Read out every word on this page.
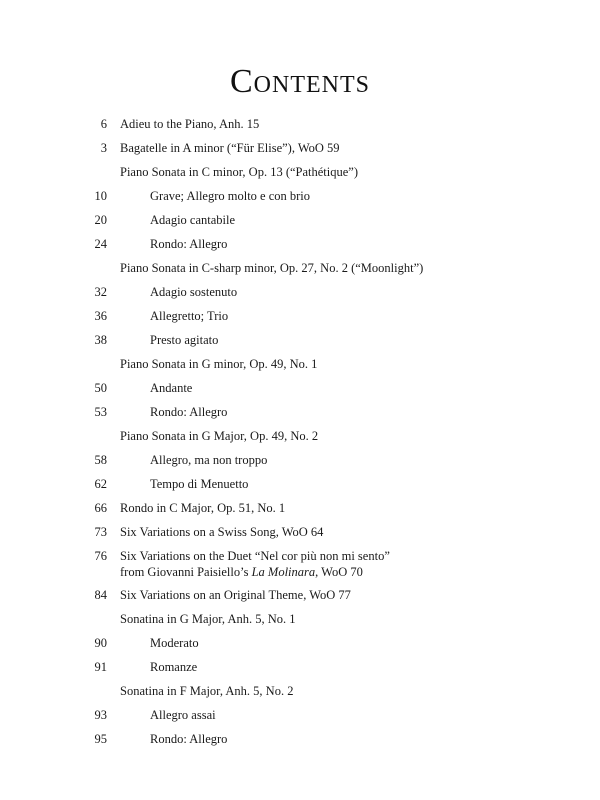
Contents
6 Adieu to the Piano, Anh. 15
3 Bagatelle in A minor (“Für Elise”), WoO 59
Piano Sonata in C minor, Op. 13 (“Pathétique”)
10	Grave; Allegro molto e con brio
20	Adagio cantabile
24	Rondo: Allegro
Piano Sonata in C-sharp minor, Op. 27, No. 2 (“Moonlight”)
32	Adagio sostenuto
36	Allegretto; Trio
38	Presto agitato
Piano Sonata in G minor, Op. 49, No. 1
50	Andante
53	Rondo: Allegro
Piano Sonata in G Major, Op. 49, No. 2
58	Allegro, ma non troppo
62	Tempo di Menuetto
66 Rondo in C Major, Op. 51, No. 1
73 Six Variations on a Swiss Song, WoO 64
76 Six Variations on the Duet “Nel cor più non mi sento”
from Giovanni Paisiello’s La Molinara, WoO 70
84 Six Variations on an Original Theme, WoO 77
Sonatina in G Major, Anh. 5, No. 1
90	Moderato
91	Romanze
Sonatina in F Major, Anh. 5, No. 2
93	Allegro assai
95	Rondo: Allegro
